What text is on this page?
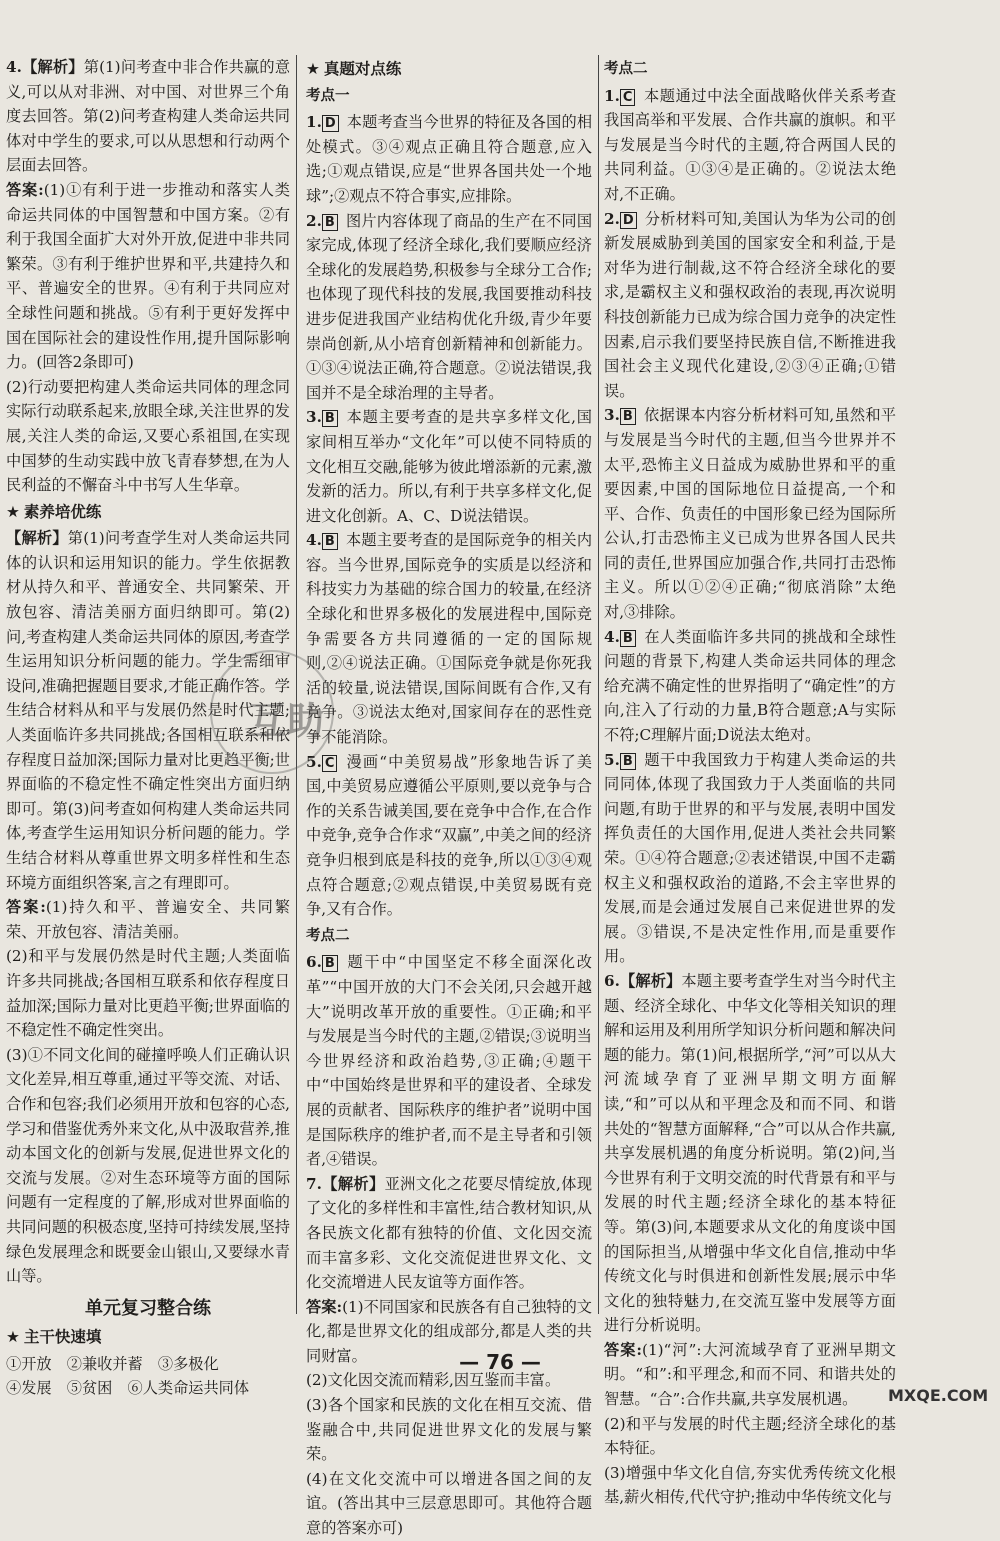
4.【解析】第(1)问考查中非合作共赢的意义,可以从对非洲、对中国、对世界三个角度去回答。第(2)问考查构建人类命运共同体对中学生的要求,可以从思想和行动两个层面去回答。

答案:(1)①有利于进一步推动和落实人类命运共同体的中国智慧和中国方案。②有利于我国全面扩大对外开放,促进中非共同繁荣。③有利于维护世界和平,共建持久和平、普遍安全的世界。④有利于共同应对全球性问题和挑战。⑤有利于更好发挥中国在国际社会的建设性作用,提升国际影响力。(回答2条即可)

(2)行动要把构建人类命运共同体的理念同实际行动联系起来,放眼全球,关注世界的发展,关注人类的命运,又要心系祖国,在实现中国梦的生动实践中放飞青春梦想,在为人民利益的不懈奋斗中书写人生华章。

★ 素养培优练

【解析】第(1)问考查学生对人类命运共同体的认识和运用知识的能力。学生依据教材从持久和平、普通安全、共同繁荣、开放包容、清洁美丽方面归纳即可。第(2)问,考查构建人类命运共同体的原因,考查学生运用知识分析问题的能力。学生需细审设问,准确把握题目要求,才能正确作答。学生结合材料从和平与发展仍然是时代主题;人类面临许多共同挑战;各国相互联系和依存程度日益加深;国际力量对比更趋平衡;世界面临的不稳定性不确定性突出方面归纳即可。第(3)问考查如何构建人类命运共同体,考查学生运用知识分析问题的能力。学生结合材料从尊重世界文明多样性和生态环境方面组织答案,言之有理即可。

答案:(1)持久和平、普遍安全、共同繁荣、开放包容、清洁美丽。

(2)和平与发展仍然是时代主题;人类面临许多共同挑战;各国相互联系和依存程度日益加深;国际力量对比更趋平衡;世界面临的不稳定性不确定性突出。

(3)①不同文化间的碰撞呼唤人们正确认识文化差异,相互尊重,通过平等交流、对话、合作和包容;我们必须用开放和包容的心态,学习和借鉴优秀外来文化,从中汲取营养,推动本国文化的创新与发展,促进世界文化的交流与发展。②对生态环境等方面的国际问题有一定程度的了解,形成对世界面临的共同问题的积极态度,坚持可持续发展,坚持绿色发展理念和既要金山银山,又要绿水青山等。

单元复习整合练
★ 主干快速填

①开放　②兼收并蓄　③多极化

④发展　⑤贫困　⑥人类命运共同体

★ 真题对点练
考点一

1. D 本题考查当今世界的特征及各国的相处模式。③④观点正确且符合题意,应入选;①观点错误,应是“世界各国共处一个地球”;②观点不符合事实,应排除。

2. B 图片内容体现了商品的生产在不同国家完成,体现了经济全球化,我们要顺应经济全球化的发展趋势,积极参与全球分工合作;也体现了现代科技的发展,我国要推动科技进步促进我国产业结构优化升级,青少年要崇尚创新,从小培育创新精神和创新能力。①③④说法正确,符合题意。②说法错误,我国并不是全球治理的主导者。

3. B 本题主要考查的是共享多样文化,国家间相互举办“文化年”可以使不同特质的文化相互交融,能够为彼此增添新的元素,激发新的活力。所以,有利于共享多样文化,促进文化创新。A、C、D说法错误。

4. B 本题主要考查的是国际竞争的相关内容。当今世界,国际竞争的实质是以经济和科技实力为基础的综合国力的较量,在经济全球化和世界多极化的发展进程中,国际竞争需要各方共同遵循的一定的国际规则,②④说法正确。①国际竞争就是你死我活的较量,说法错误,国际间既有合作,又有竞争。③说法太绝对,国家间存在的恶性竞争不能消除。

5. C 漫画“中美贸易战”形象地告诉了美国,中美贸易应遵循公平原则,要以竞争与合作的关系告诫美国,要在竞争中合作,在合作中竞争,竞争合作求“双赢”,中美之间的经济竞争归根到底是科技的竞争,所以①③④观点符合题意;②观点错误,中美贸易既有竞争,又有合作。

考点二

6. B 题干中“中国坚定不移全面深化改革”“中国开放的大门不会关闭,只会越开越大”说明改革开放的重要性。①正确;和平与发展是当今时代的主题,②错误;③说明当今世界经济和政治趋势,③正确;④题干中“中国始终是世界和平的建设者、全球发展的贡献者、国际秩序的维护者”说明中国是国际秩序的维护者,而不是主导者和引领者,④错误。

7.【解析】亚洲文化之花要尽情绽放,体现了文化的多样性和丰富性,结合教材知识,从各民族文化都有独特的价值、文化因交流而丰富多彩、文化交流促进世界文化、文化交流增进人民友谊等方面作答。

答案:(1)不同国家和民族各有自己独特的文化,都是世界文化的组成部分,都是人类的共同财富。

(2)文化因交流而精彩,因互鉴而丰富。

(3)各个国家和民族的文化在相互交流、借鉴融合中,共同促进世界文化的发展与繁荣。

(4)在文化交流中可以增进各国之间的友谊。(答出其中三层意思即可。其他符合题意的答案亦可)

考点二

1. C 本题通过中法全面战略伙伴关系考查我国高举和平发展、合作共赢的旗帜。和平与发展是当今时代的主题,符合两国人民的共同利益。①③④是正确的。②说法太绝对,不正确。

2. D 分析材料可知,美国认为华为公司的创新发展威胁到美国的国家安全和利益,于是对华为进行制裁,这不符合经济全球化的要求,是霸权主义和强权政治的表现,再次说明科技创新能力已成为综合国力竞争的决定性因素,启示我们要坚持民族自信,不断推进我国社会主义现代化建设,②③④正确;①错误。

3. B 依据课本内容分析材料可知,虽然和平与发展是当今时代的主题,但当今世界并不太平,恐怖主义日益成为威胁世界和平的重要因素,中国的国际地位日益提高,一个和平、合作、负责任的中国形象已经为国际所公认,打击恐怖主义已成为世界各国人民共同的责任,世界国应加强合作,共同打击恐怖主义。所以①②④正确;“彻底消除”太绝对,③排除。

4. B 在人类面临许多共同的挑战和全球性问题的背景下,构建人类命运共同体的理念给充满不确定性的世界指明了“确定性”的方向,注入了行动的力量,B符合题意;A与实际不符;C理解片面;D说法太绝对。

5. B 题干中我国致力于构建人类命运的共同同体,体现了我国致力于人类面临的共同问题,有助于世界的和平与发展,表明中国发挥负责任的大国作用,促进人类社会共同繁荣。①④符合题意;②表述错误,中国不走霸权主义和强权政治的道路,不会主宰世界的发展,而是会通过发展自己来促进世界的发展。③错误,不是决定性作用,而是重要作用。

6.【解析】本题主要考查学生对当今时代主题、经济全球化、中华文化等相关知识的理解和运用及利用所学知识分析问题和解决问题的能力。第(1)问,根据所学,“河”可以从大河流域孕育了亚洲早期文明方面解读,“和”可以从和平理念及和而不同、和谐共处的“智慧方面解释,“合”可以从合作共赢,共享发展机遇的角度分析说明。第(2)问,当今世界有利于文明交流的时代背景有和平与发展的时代主题;经济全球化的基本特征等。第(3)问,本题要求从文化的角度谈中国的国际担当,从增强中华文化自信,推动中华传统文化与时俱进和创新性发展;展示中华文化的独特魅力,在交流互鉴中发展等方面进行分析说明。

答案:(1)“河”:大河流域孕育了亚洲早期文明。“和”:和平理念,和而不同、和谐共处的智慧。“合”:合作共赢,共享发展机遇。

(2)和平与发展的时代主题;经济全球化的基本特征。

(3)增强中华文化自信,夯实优秀传统文化根基,薪火相传,代代守护;推动中华传统文化与

互助
— 76 —
MXQE.COM
